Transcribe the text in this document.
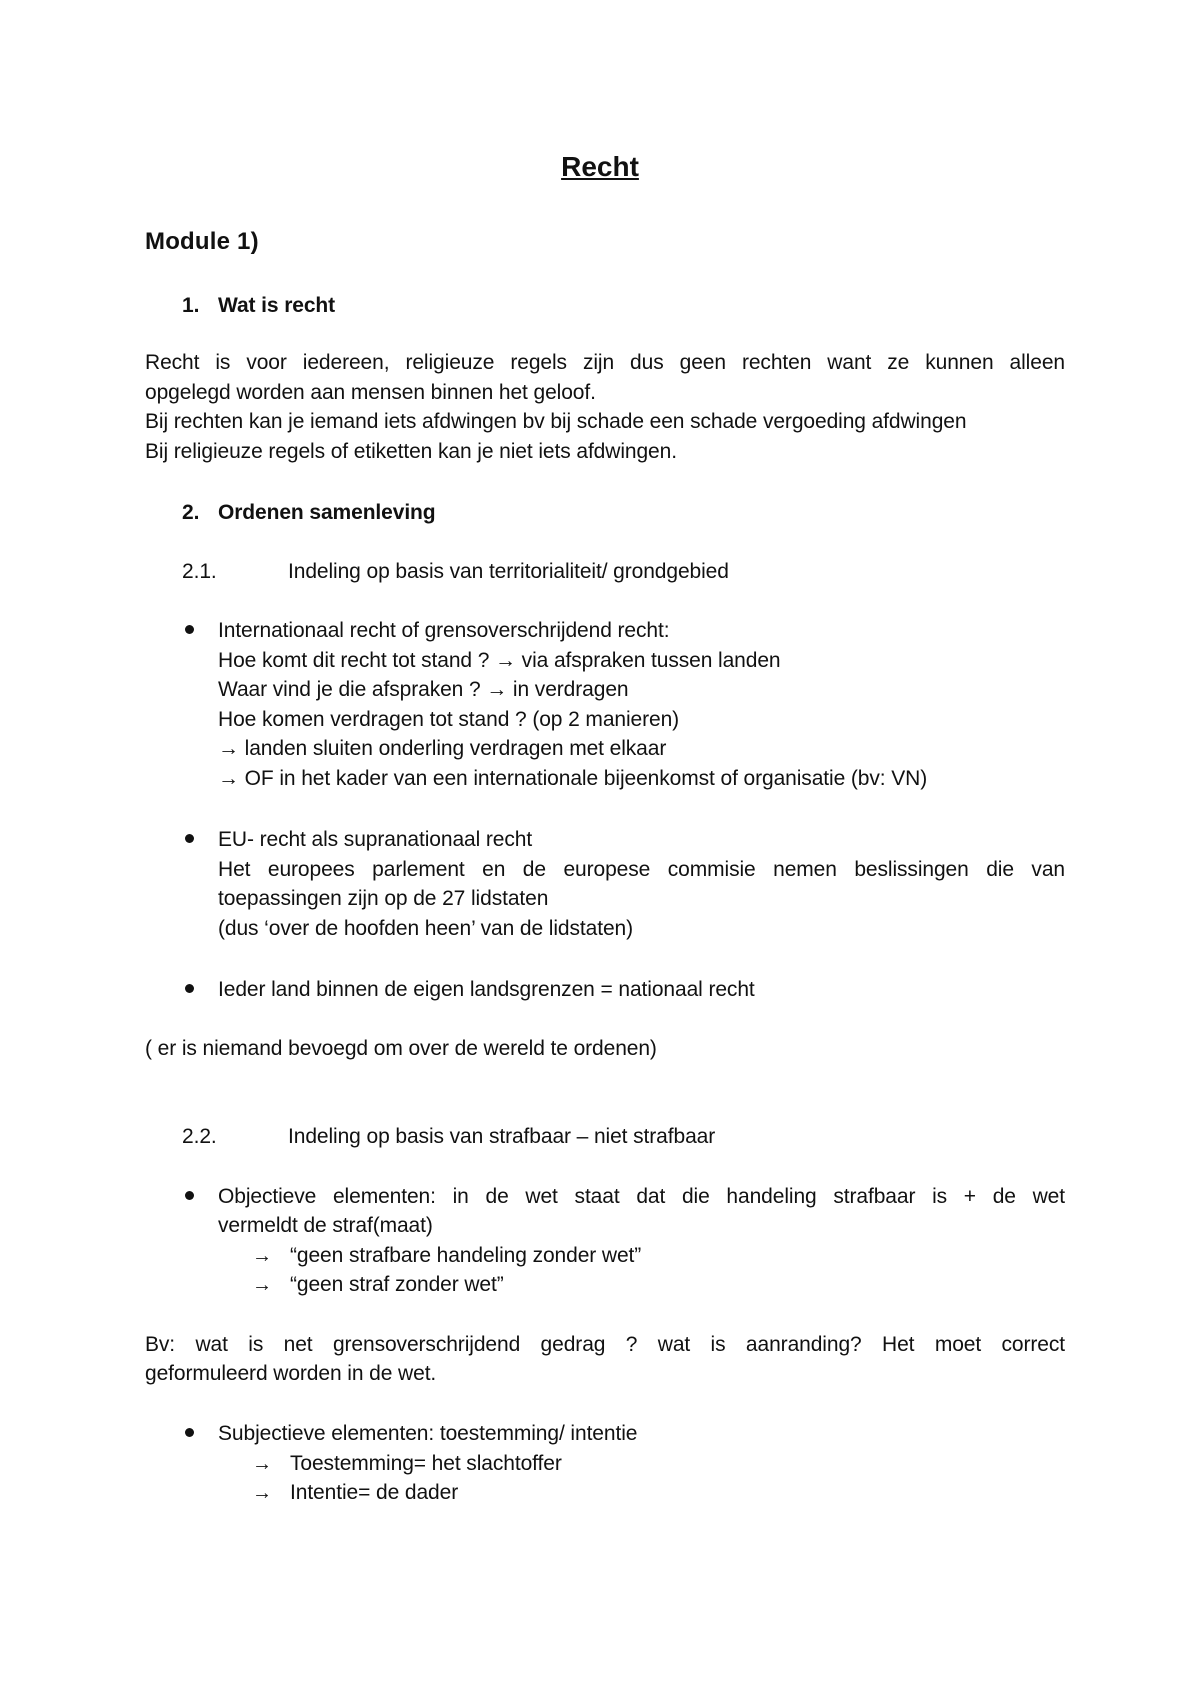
Recht
Module 1)
1. Wat is recht
Recht is voor iedereen, religieuze regels zijn dus geen rechten want ze kunnen alleen
opgelegd worden aan mensen binnen het geloof.
Bij rechten kan je iemand iets afdwingen bv bij schade een schade vergoeding afdwingen
Bij religieuze regels of etiketten kan je niet iets afdwingen.
2. Ordenen samenleving
2.1.	Indeling op basis van territorialiteit/ grondgebied
Internationaal recht of grensoverschrijdend recht:
Hoe komt dit recht tot stand ? → via afspraken tussen landen
Waar vind je die afspraken ? → in verdragen
Hoe komen verdragen tot stand ? (op 2 manieren)
→ landen sluiten onderling verdragen met elkaar
→ OF in het kader van een internationale bijeenkomst of organisatie (bv: VN)
EU- recht als supranationaal recht
Het europees parlement en de europese commisie nemen beslissingen die van
toepassingen zijn op de 27 lidstaten
(dus ‘over de hoofden heen’ van de lidstaten)
Ieder land binnen de eigen landsgrenzen = nationaal recht
( er is niemand bevoegd om over de wereld te ordenen)
2.2.	Indeling op basis van strafbaar – niet strafbaar
Objectieve elementen: in de wet staat dat die handeling strafbaar is + de wet
vermeldt de straf(maat)
→ “geen strafbare handeling zonder wet”
→ “geen straf zonder wet”
Bv: wat is net grensoverschrijdend gedrag ? wat is aanranding? Het moet correct
geformuleerd worden in de wet.
Subjectieve elementen: toestemming/ intentie
→ Toestemming= het slachtoffer
→ Intentie= de dader
